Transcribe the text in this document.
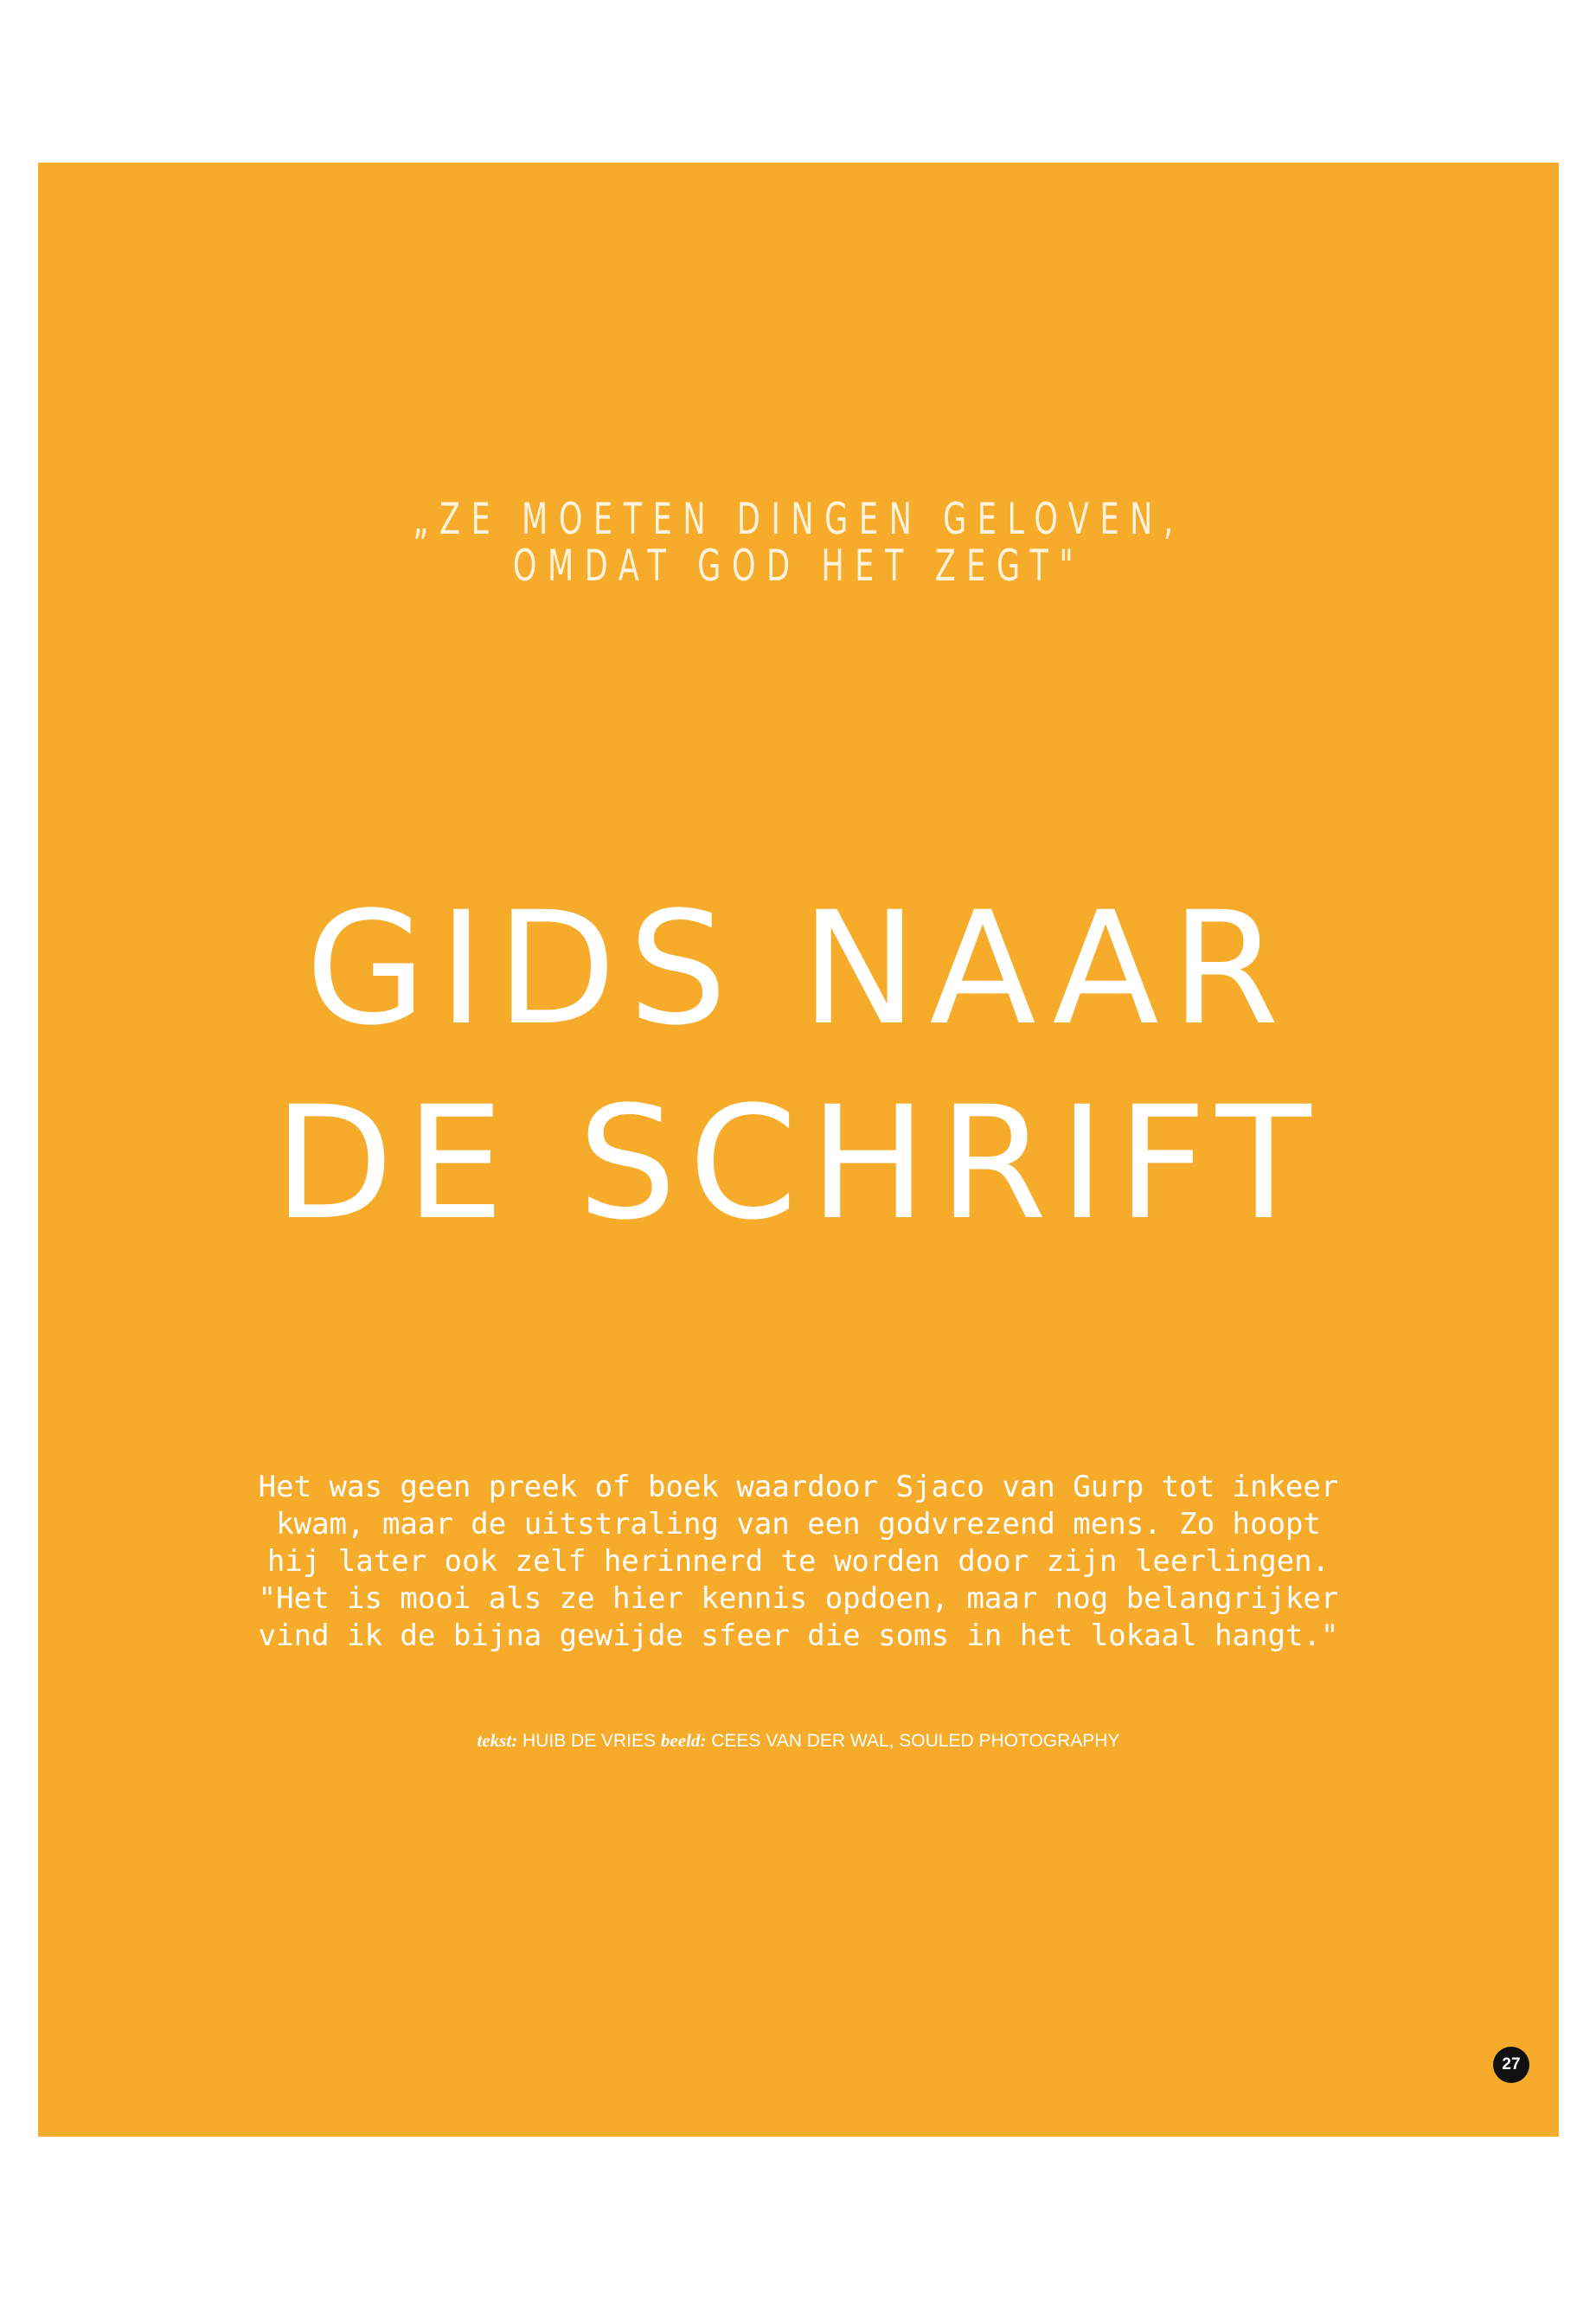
„ZE MOETEN DINGEN GELOVEN,
OMDAT GOD HET ZEGT"
GIDS NAAR
DE SCHRIFT

Het was geen preek of boek waardoor Sjaco van Gurp tot inkeer kwam, maar de uitstraling van een godvrezend mens. Zo hoopt hij later ook zelf herinnerd te worden door zijn leerlingen. "Het is mooi als ze hier kennis opdoen, maar nog belangrijker vind ik de bijna gewijde sfeer die soms in het lokaal hangt."

tekst: HUIB DE VRIES beeld: CEES VAN DER WAL, SOULED PHOTOGRAPHY
27
